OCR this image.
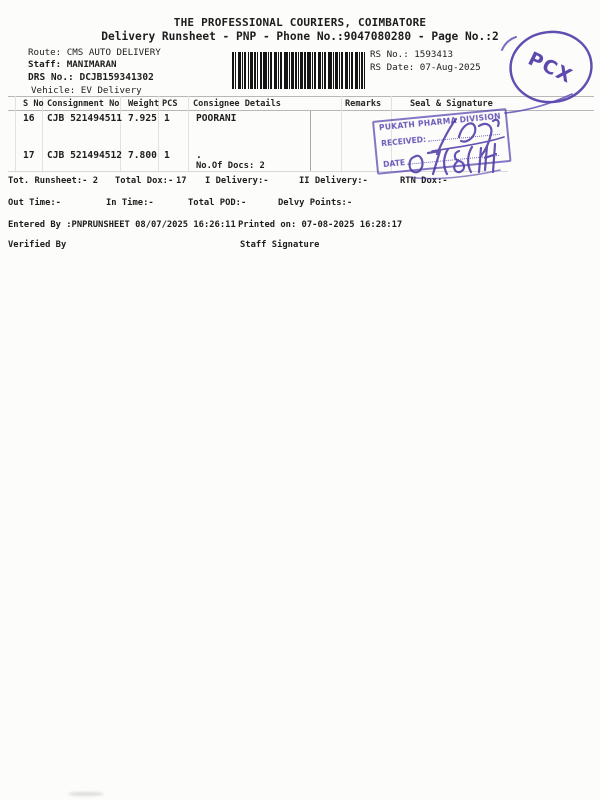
THE PROFESSIONAL COURIERS, COIMBATORE
Delivery Runsheet - PNP - Phone No.:9047080280 - Page No.:2
Route: CMS AUTO DELIVERY
Staff: MANIMARAN
DRS No.: DCJB159341302
Vehicle: EV Delivery
RS No.: 1593413
RS Date: 07-Aug-2025
S No Consignment No Weight PCS Consignee Details	Remarks	Seal & Signature
16 CJB 521494511 7.925 1	POORANI
17 CJB 521494512 7.800 1	.
No.Of Docs: 2
Tot. Runsheet:- 2 Total Dox:- 17 I Delivery:-	II Delivery:-	RTN Dox:-
Out Time:-	In Time:-	Total POD:-	Delvy Points:-
Entered By :PNPRUNSHEET 08/07/2025 16:26:11 Printed on: 07-08-2025 16:28:17
Verified By	Staff Signature
PUKATH PHARMA DIVISION
RECEIVED:
DATE
PCX
